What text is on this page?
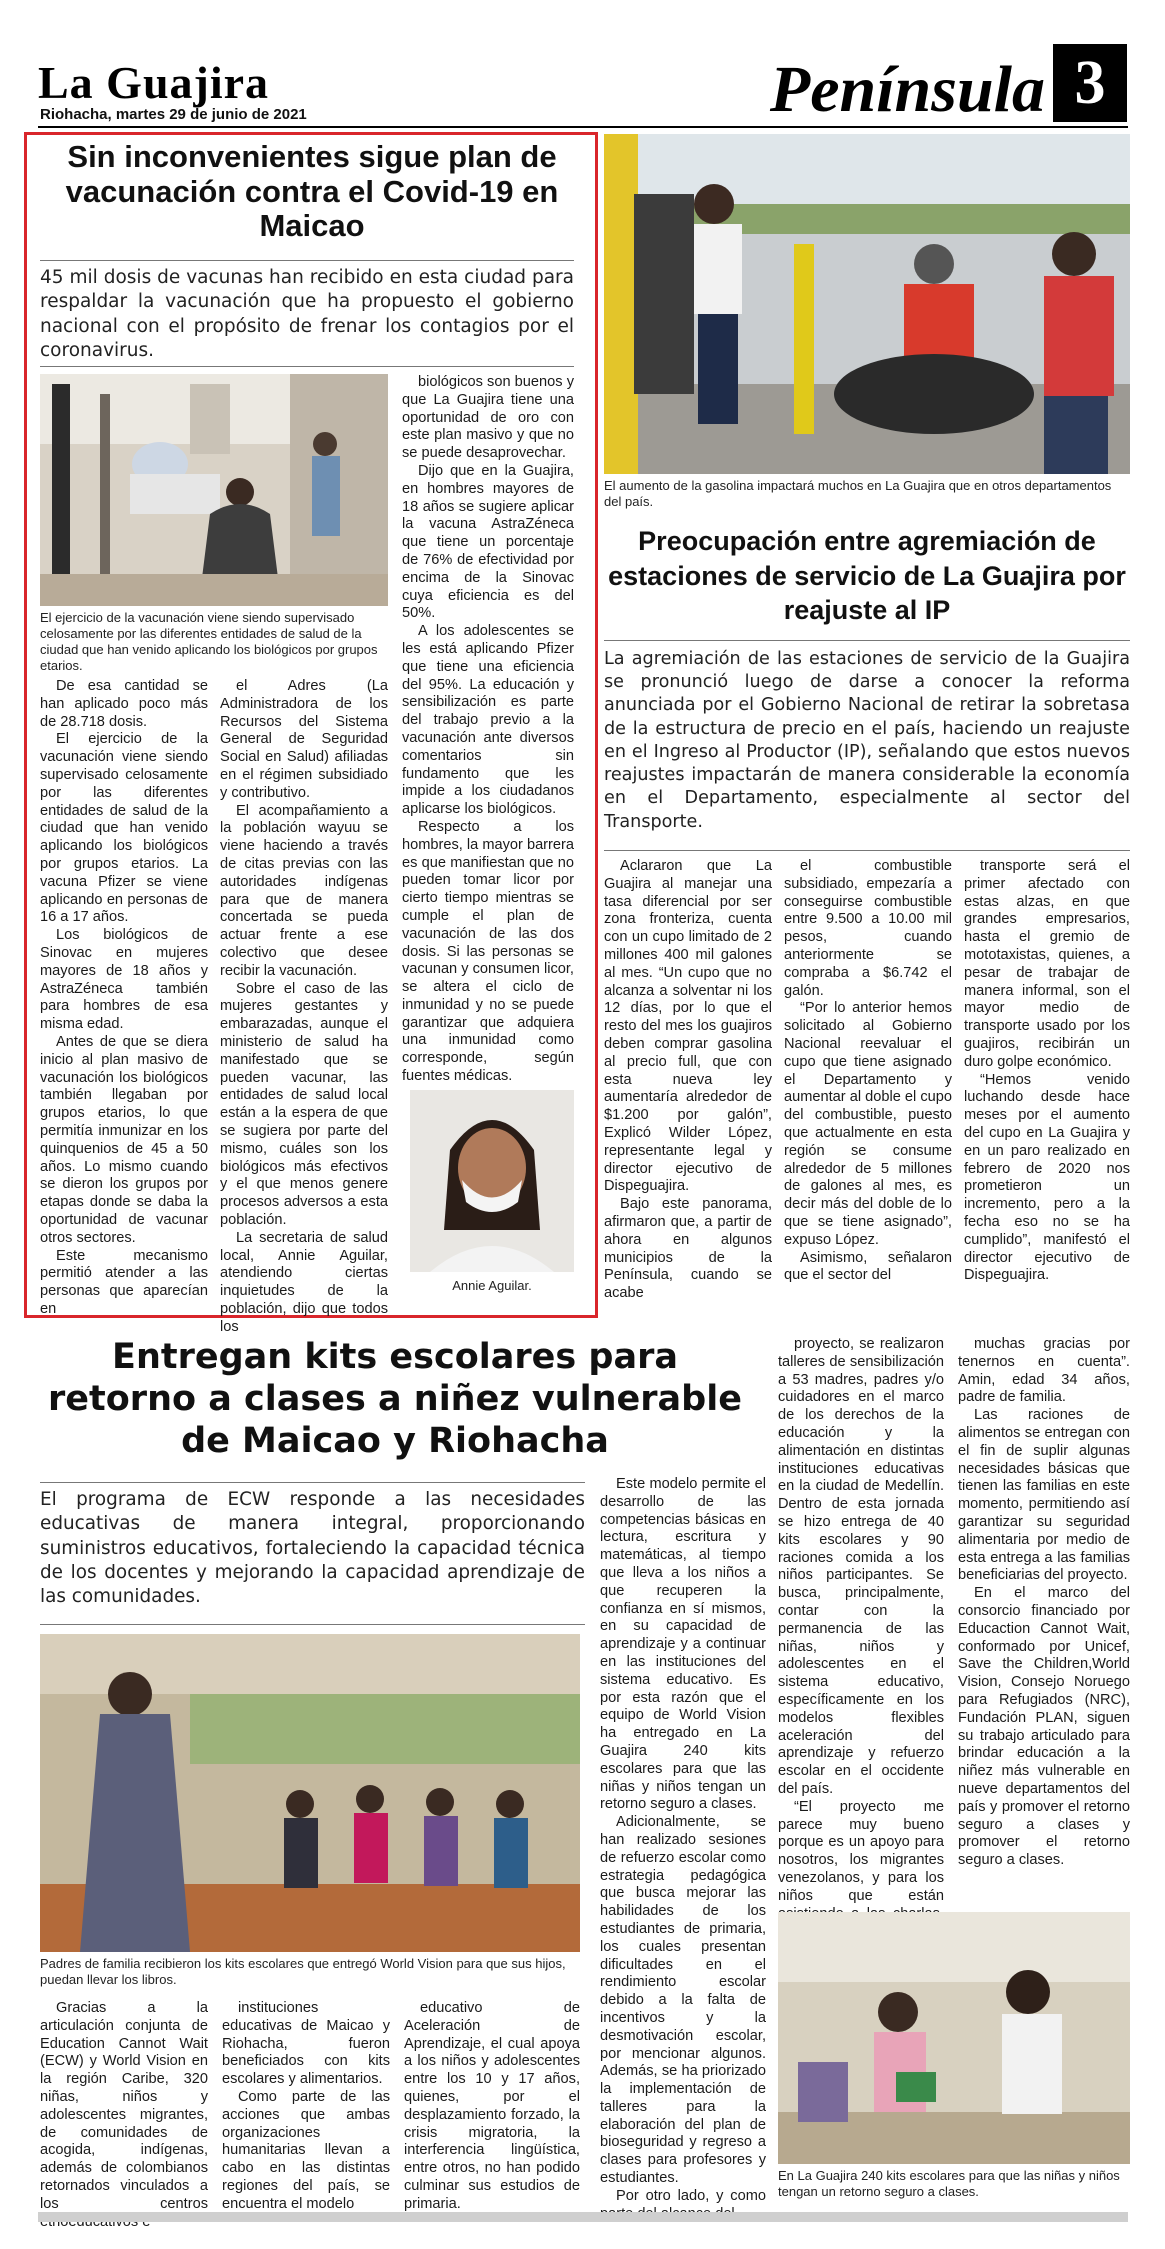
La Guajira
Riohacha, martes 29 de junio de 2021	Península 3
Sin inconvenientes sigue plan de vacunación contra el Covid-19 en Maicao
45 mil dosis de vacunas han recibido en esta ciudad para respaldar la vacunación que ha propuesto el gobierno nacional con el propósito de frenar los contagios por el coronavirus.
El ejercicio de la vacunación viene siendo supervisado celosamente por las diferentes entidades de salud de la ciudad que han venido aplicando los biológicos por grupos etarios.

De esa cantidad se han aplicado poco más de 28.718 dosis.

El ejercicio de la vacunación viene siendo supervisado celosamente por las diferentes entidades de salud de la ciudad que han venido aplicando los biológicos por grupos etarios. La vacuna Pfizer se viene aplicando en personas de 16 a 17 años.

Los biológicos de Sinovac en mujeres mayores de 18 años y AstraZéneca también para hombres de esa misma edad.

Antes de que se diera inicio al plan masivo de vacunación los biológicos también llegaban por grupos etarios, lo que permitía inmunizar en los quinquenios de 45 a 50 años. Lo mismo cuando se dieron los grupos por etapas donde se daba la oportunidad de vacunar otros sectores.

Este mecanismo permitió atender a las personas que aparecían en

el Adres (La Administradora de los Recursos del Sistema General de Seguridad Social en Salud) afiliadas en el régimen subsidiado y contributivo.

El acompañamiento a la población wayuu se viene haciendo a través de citas previas con las autoridades indígenas para que de manera concertada se pueda actuar frente a ese colectivo que desee recibir la vacunación.

Sobre el caso de las mujeres gestantes y embarazadas, aunque el ministerio de salud ha manifestado que se pueden vacunar, las entidades de salud local están a la espera de que se sugiera por parte del mismo, cuáles son los biológicos más efectivos y el que menos genere procesos adversos a esta población.

La secretaria de salud local, Annie Aguilar, atendiendo ciertas inquietudes de la población, dijo que todos los

biológicos son buenos y que La Guajira tiene una oportunidad de oro con este plan masivo y que no se puede desaprovechar.

Dijo que en la Guajira, en hombres mayores de 18 años se sugiere aplicar la vacuna AstraZéneca que tiene un porcentaje de 76% de efectividad por encima de la Sinovac cuya eficiencia es del 50%.

A los adolescentes se les está aplicando Pfizer que tiene una eficiencia del 95%. La educación y sensibilización es parte del trabajo previo a la vacunación ante diversos comentarios sin fundamento que les impide a los ciudadanos aplicarse los biológicos.

Respecto a los hombres, la mayor barrera es que manifiestan que no pueden tomar licor por cierto tiempo mientras se cumple el plan de vacunación de las dos dosis. Si las personas se vacunan y consumen licor, se altera el ciclo de inmunidad y no se puede garantizar que adquiera una inmunidad como corresponde, según fuentes médicas.

Annie Aguilar.
El aumento de la gasolina impactará muchos en La Guajira que en otros departamentos del país.
Preocupación entre agremiación de estaciones de servicio de La Guajira por reajuste al IP
La agremiación de las estaciones de servicio de la Guajira se pronunció luego de darse a conocer la reforma anunciada por el Gobierno Nacional de retirar la sobretasa de la estructura de precio en el país, haciendo un reajuste en el Ingreso al Productor (IP), señalando que estos nuevos reajustes impactarán de manera considerable la economía en el Departamento, especialmente al sector del Transporte.

Aclararon que La Guajira al manejar una tasa diferencial por ser zona fronteriza, cuenta con un cupo limitado de 2 millones 400 mil galones al mes. “Un cupo que no alcanza a solventar ni los 12 días, por lo que el resto del mes los guajiros deben comprar gasolina al precio full, que con esta nueva ley aumentaría alrededor de $1.200 por galón”, Explicó Wilder López, representante legal y director ejecutivo de Dispeguajira.

Bajo este panorama, afirmaron que, a partir de ahora en algunos municipios de la Península, cuando se acabe

el combustible subsidiado, empezaría a conseguirse combustible entre 9.500 a 10.00 mil pesos, cuando anteriormente se compraba a $6.742 el galón.

“Por lo anterior hemos solicitado al Gobierno Nacional reevaluar el cupo que tiene asignado el Departamento y aumentar al doble el cupo del combustible, puesto que actualmente en esta región se consume alrededor de 5 millones de galones al mes, es decir más del doble de lo que se tiene asignado”, expuso López.

Asimismo, señalaron que el sector del

transporte será el primer afectado con estas alzas, en que grandes empresarios, hasta el gremio de mototaxistas, quienes, a pesar de trabajar de manera informal, son el mayor medio de transporte usado por los guajiros, recibirán un duro golpe económico.

“Hemos venido luchando desde hace meses por el aumento del cupo en La Guajira y en un paro realizado en febrero de 2020 nos prometieron un incremento, pero a la fecha eso no se ha cumplido”, manifestó el director ejecutivo de Dispeguajira.

Entregan kits escolares para retorno a clases a niñez vulnerable de Maicao y Riohacha
El programa de ECW responde a las necesidades educativas de manera integral, proporcionando suministros educativos, fortaleciendo la capacidad técnica de los docentes y mejorando la capacidad aprendizaje de las comunidades.
Padres de familia recibieron los kits escolares que entregó World Vision para que sus hijos, puedan llevar los libros.

Gracias a la articulación conjunta de Education Cannot Wait (ECW) y World Vision en la región Caribe, 320 niñas, niños y adolescentes migrantes, de comunidades de acogida, indígenas, además de colombianos retornados vinculados a los centros

instituciones educativas de Maicao y Riohacha, fueron beneficiados con kits escolares y alimentarios.

Como parte de las acciones que ambas organizaciones humanitarias llevan a cabo en las distintas regiones del país, se encuentra el modelo

educativo de Aceleración de Aprendizaje, el cual apoya a los niños y adolescentes entre los 10 y 17 años, quienes, por el desplazamiento forzado, la crisis migratoria, la interferencia lingüística, entre otros, no han podido culminar sus estudios de primaria.

Este modelo permite el desarrollo de las competencias básicas en lectura, escritura y matemáticas, al tiempo que lleva a los niños a que recuperen la confianza en sí mismos, en su capacidad de aprendizaje y a continuar en las instituciones del sistema educativo. Es por esta razón que el equipo de World Vision ha entregado en La Guajira 240 kits escolares para que las niñas y niños tengan un retorno seguro a clases.

Adicionalmente, se han realizado sesiones de refuerzo escolar como estrategia pedagógica que busca mejorar las habilidades de los estudiantes de primaria, los cuales presentan dificultades en el rendimiento escolar debido a la falta de incentivos y la desmotivación escolar, por mencionar algunos. Además, se ha priorizado la implementación de talleres para la elaboración del plan de bioseguridad y regreso a clases para profesores y estudiantes.

Por otro lado, y como

proyecto, se realizaron talleres de sensibilización a 53 madres, padres y/o cuidadores en el marco de los derechos de la educación y la alimentación en distintas instituciones educativas en la ciudad de Medellín. Dentro de esta jornada se hizo entrega de 40 kits escolares y 90 raciones comida a los niños participantes. Se busca, principalmente, contar con la permanencia de las niñas, niños y adolescentes en el sistema educativo, específicamente en los modelos flexibles aceleración del aprendizaje y refuerzo escolar en el occidente del país.

“El proyecto me parece muy bueno porque es un apoyo para nosotros, los migrantes venezolanos, y para los niños que están

muchas gracias por tenernos en cuenta”. Amin, edad 34 años, padre de familia.

Las raciones de alimentos se entregan con el fin de suplir algunas necesidades básicas que tienen las familias en este momento, permitiendo así garantizar su seguridad alimentaria por medio de esta entrega a las familias beneficiarias del proyecto.

En el marco del consorcio financiado por Educaction Cannot Wait, conformado por Unicef, Save the Children,World Vision, Consejo Noruego para Refugiados (NRC), Fundación PLAN, siguen su trabajo articulado para brindar educación a la niñez más vulnerable en nueve departamentos del país y promover el retorno seguro a clases y promover el retorno seguro a clases.

En La Guajira 240 kits escolares para que las niñas y niños tengan un retorno seguro a clases.
